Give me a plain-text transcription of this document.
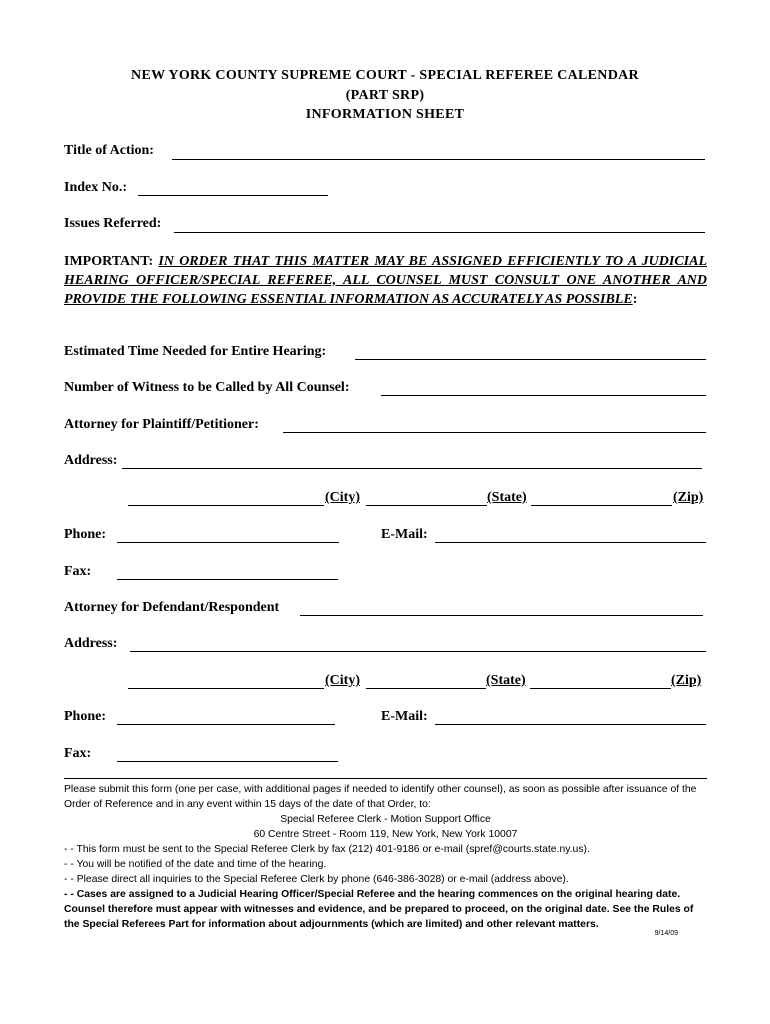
NEW YORK COUNTY SUPREME COURT - SPECIAL REFEREE CALENDAR
(PART SRP)
INFORMATION SHEET
Title of Action:
Index No.:
Issues Referred:
IMPORTANT: IN ORDER THAT THIS MATTER MAY BE ASSIGNED EFFICIENTLY TO A JUDICIAL HEARING OFFICER/SPECIAL REFEREE, ALL COUNSEL MUST CONSULT ONE ANOTHER AND PROVIDE THE FOLLOWING ESSENTIAL INFORMATION AS ACCURATELY AS POSSIBLE:
Estimated Time Needed for Entire Hearing:
Number of Witness to be Called by All Counsel:
Attorney for Plaintiff/Petitioner:
Address:
(City)	(State)	(Zip)
Phone:	E-Mail:
Fax:
Attorney for Defendant/Respondent
Address:
(City)	(State)	(Zip)
Phone:	E-Mail:
Fax:
Please submit this form (one per case, with additional pages if needed to identify other counsel), as soon as possible after issuance of the Order of Reference and in any event within 15 days of the date of that Order, to:
Special Referee Clerk - Motion Support Office
60 Centre Street - Room 119, New York, New York 10007
- - This form must be sent to the Special Referee Clerk by fax (212) 401-9186 or e-mail (spref@courts.state.ny.us).
- - You will be notified of the date and time of the hearing.
- - Please direct all inquiries to the Special Referee Clerk by phone (646-386-3028) or e-mail (address above).
- - Cases are assigned to a Judicial Hearing Officer/Special Referee and the hearing commences on the original hearing date. Counsel therefore must appear with witnesses and evidence, and be prepared to proceed, on the original date. See the Rules of the Special Referees Part for information about adjournments (which are limited) and other relevant matters.
9/14/09
